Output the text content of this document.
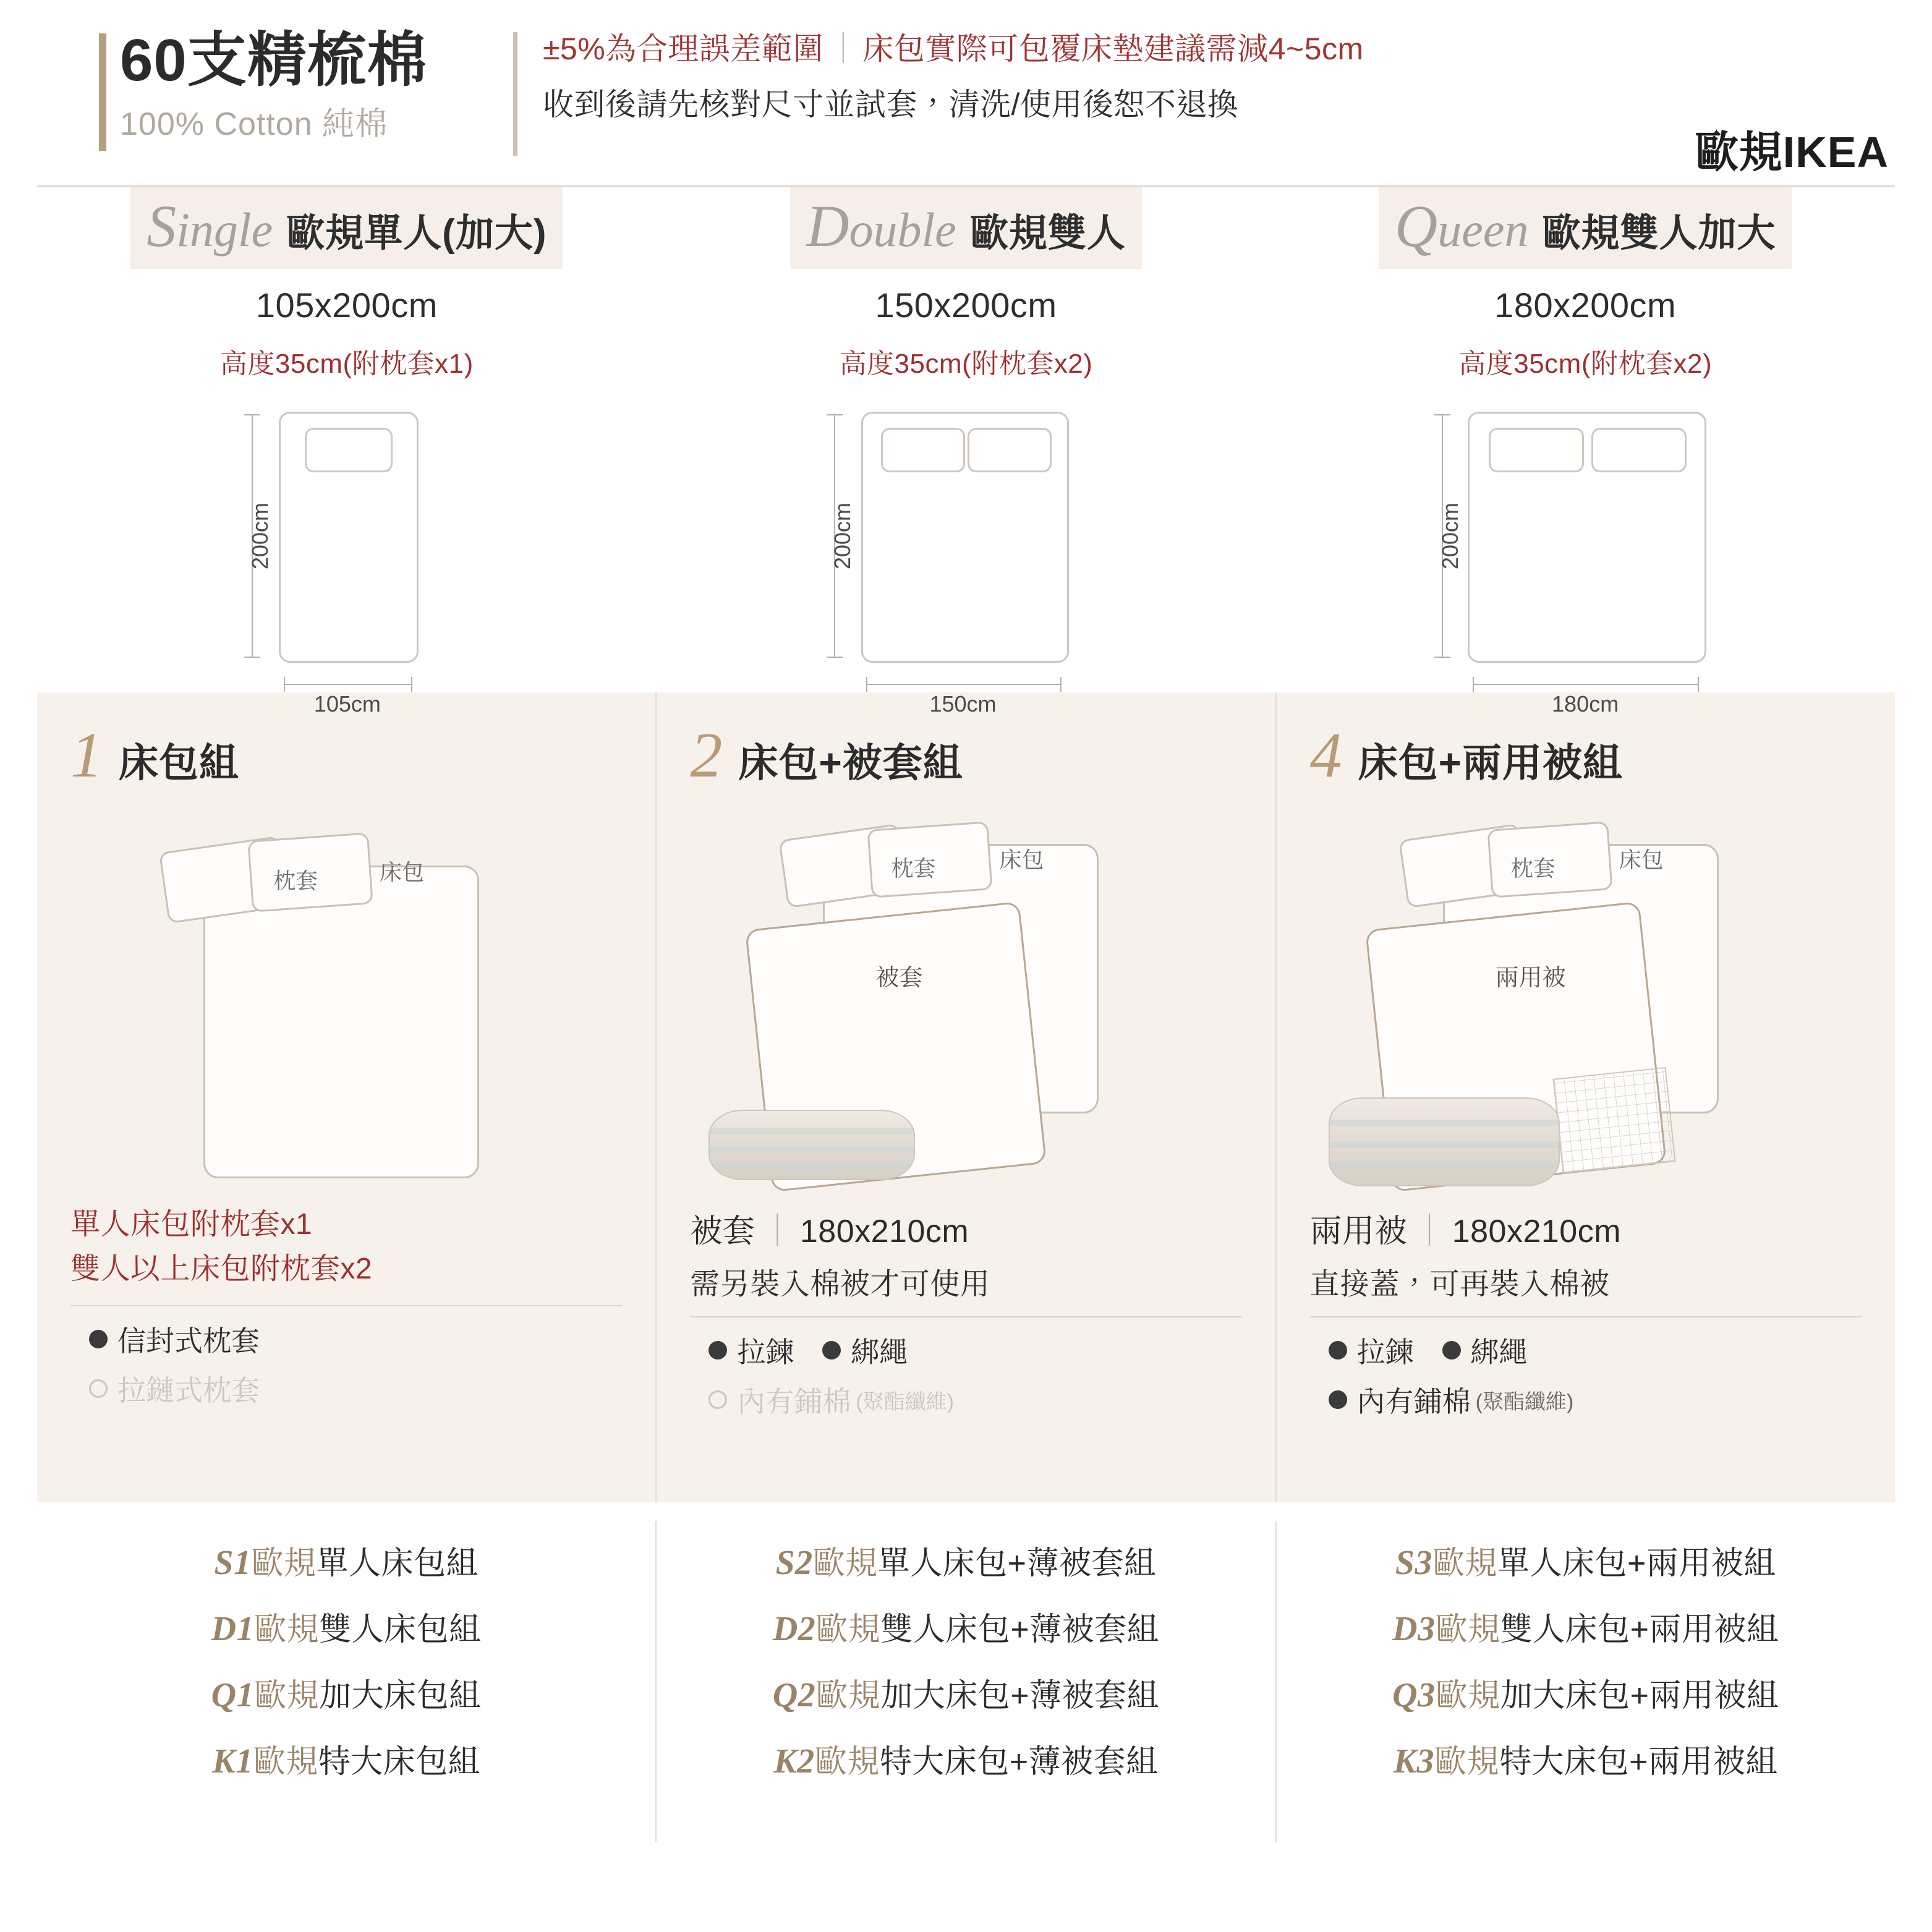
60支精梳棉
100% Cotton 純棉
±5%為合理誤差範圍 ｜ 床包實際可包覆床墊建議需減4~5cm
收到後請先核對尺寸並試套，清洗/使用後恕不退換
歐規IKEA
Single 歐規單人(加大)
105x200cm
高度35cm(附枕套x1)
200cm
105cm
Double 歐規雙人
150x200cm
高度35cm(附枕套x2)
200cm
150cm
Queen 歐規雙人加大
180x200cm
高度35cm(附枕套x2)
200cm
180cm
1 床包組
枕套	床包
單人床包附枕套x1
雙人以上床包附枕套x2
信封式枕套
拉鏈式枕套
2 床包+被套組
枕套	床包
被套
被套 ｜ 180x210cm
需另裝入棉被才可使用
拉鍊 綁繩
內有鋪棉 (聚酯纖維)
4 床包+兩用被組
枕套	床包
兩用被
兩用被 ｜ 180x210cm
直接蓋，可再裝入棉被
拉鍊 綁繩
內有鋪棉 (聚酯纖維)
S1歐規單人床包組
D1歐規雙人床包組
Q1歐規加大床包組
K1歐規特大床包組
S2歐規單人床包+薄被套組
D2歐規雙人床包+薄被套組
Q2歐規加大床包+薄被套組
K2歐規特大床包+薄被套組
S3歐規單人床包+兩用被組
D3歐規雙人床包+兩用被組
Q3歐規加大床包+兩用被組
K3歐規特大床包+兩用被組
